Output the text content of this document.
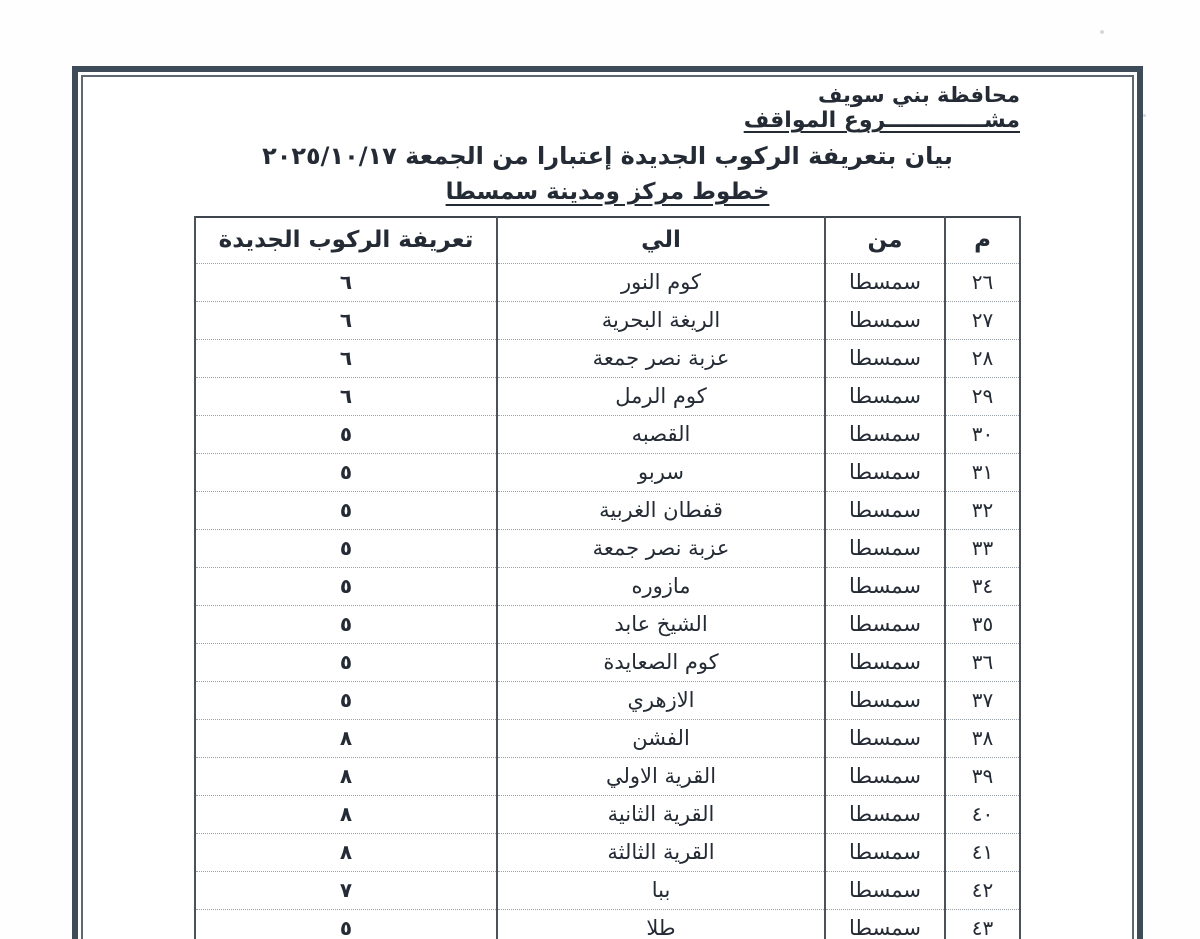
محافظة بني سويف
مشـــــــــــــروع المواقف
بيان بتعريفة الركوب الجديدة إعتبارا من الجمعة ٢٠٢٥/١٠/١٧
خطوط مركز ومدينة سمسطا
م	من	الي	تعريفة الركوب الجديدة
٢٦	سمسطا	كوم النور	٦
٢٧	سمسطا	الريغة البحرية	٦
٢٨	سمسطا	عزبة نصر جمعة	٦
٢٩	سمسطا	كوم الرمل	٦
٣٠	سمسطا	القصبه	٥
٣١	سمسطا	سربو	٥
٣٢	سمسطا	قفطان الغربية	٥
٣٣	سمسطا	عزبة نصر جمعة	٥
٣٤	سمسطا	مازوره	٥
٣٥	سمسطا	الشيخ عابد	٥
٣٦	سمسطا	كوم الصعايدة	٥
٣٧	سمسطا	الازهري	٥
٣٨	سمسطا	الفشن	٨
٣٩	سمسطا	القرية الاولي	٨
٤٠	سمسطا	القرية الثانية	٨
٤١	سمسطا	القرية الثالثة	٨
٤٢	سمسطا	ببا	٧
٤٣	سمسطا	طلا	٥
